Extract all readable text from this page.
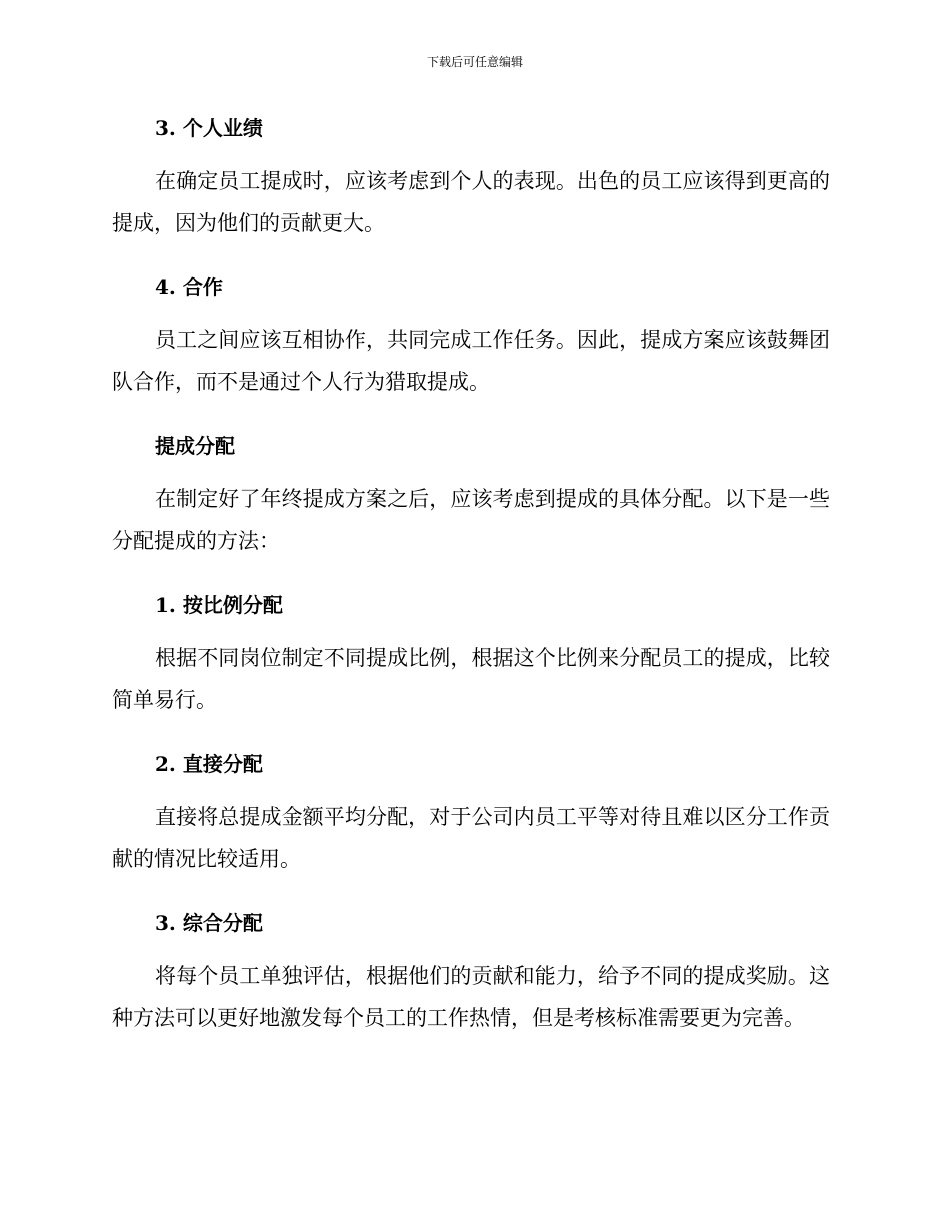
下载后可任意编辑
3. 个人业绩

在确定员工提成时，应该考虑到个人的表现。出色的员工应该得到更高的提成，因为他们的贡献更大。

4. 合作

员工之间应该互相协作，共同完成工作任务。因此，提成方案应该鼓舞团队合作，而不是通过个人行为猎取提成。

提成分配

在制定好了年终提成方案之后，应该考虑到提成的具体分配。以下是一些分配提成的方法：

1. 按比例分配

根据不同岗位制定不同提成比例，根据这个比例来分配员工的提成，比较简单易行。

2. 直接分配

直接将总提成金额平均分配，对于公司内员工平等对待且难以区分工作贡献的情况比较适用。

3. 综合分配

将每个员工单独评估，根据他们的贡献和能力，给予不同的提成奖励。这种方法可以更好地激发每个员工的工作热情，但是考核标准需要更为完善。
